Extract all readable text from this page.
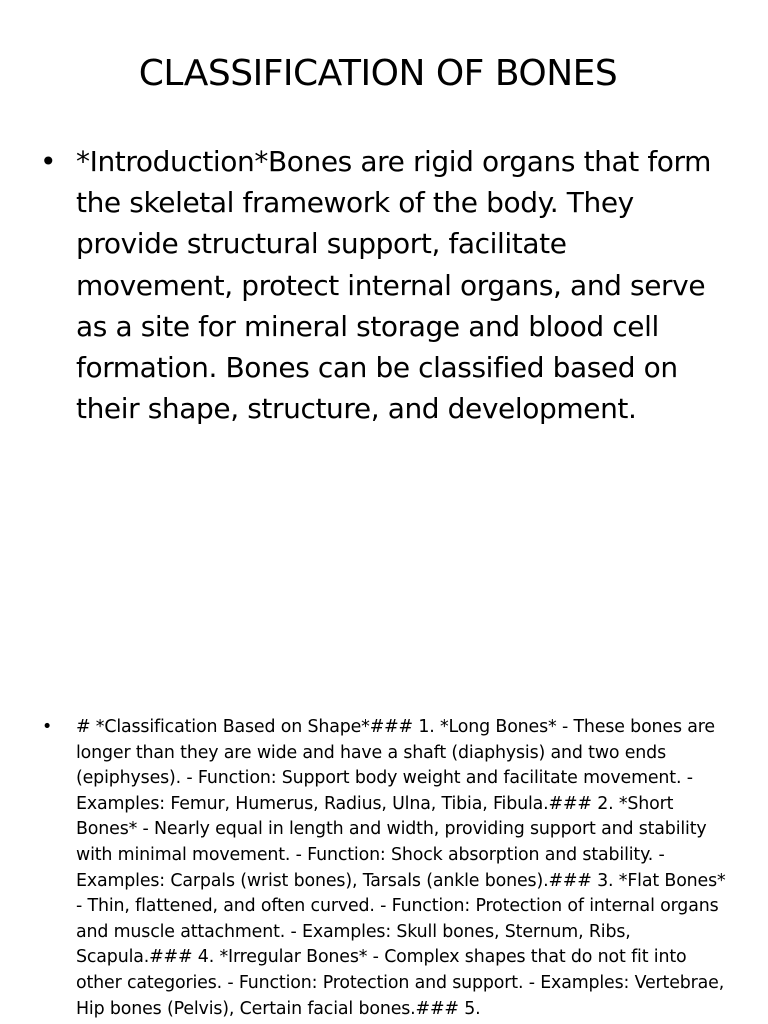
CLASSIFICATION OF BONES
• *Introduction*Bones are rigid organs that form the skeletal framework of the body. They provide structural support, facilitate movement, protect internal organs, and serve as a site for mineral storage and blood cell formation. Bones can be classified based on their shape, structure, and development.
• # *Classification Based on Shape*### 1. *Long Bones* - These bones are longer than they are wide and have a shaft (diaphysis) and two ends (epiphyses). - Function: Support body weight and facilitate movement. - Examples: Femur, Humerus, Radius, Ulna, Tibia, Fibula.### 2. *Short Bones* - Nearly equal in length and width, providing support and stability with minimal movement. - Function: Shock absorption and stability. - Examples: Carpals (wrist bones), Tarsals (ankle bones).### 3. *Flat Bones* - Thin, flattened, and often curved. - Function: Protection of internal organs and muscle attachment. - Examples: Skull bones, Sternum, Ribs, Scapula.### 4. *Irregular Bones* - Complex shapes that do not fit into other categories. - Function: Protection and support. - Examples: Vertebrae, Hip bones (Pelvis), Certain facial bones.### 5.
